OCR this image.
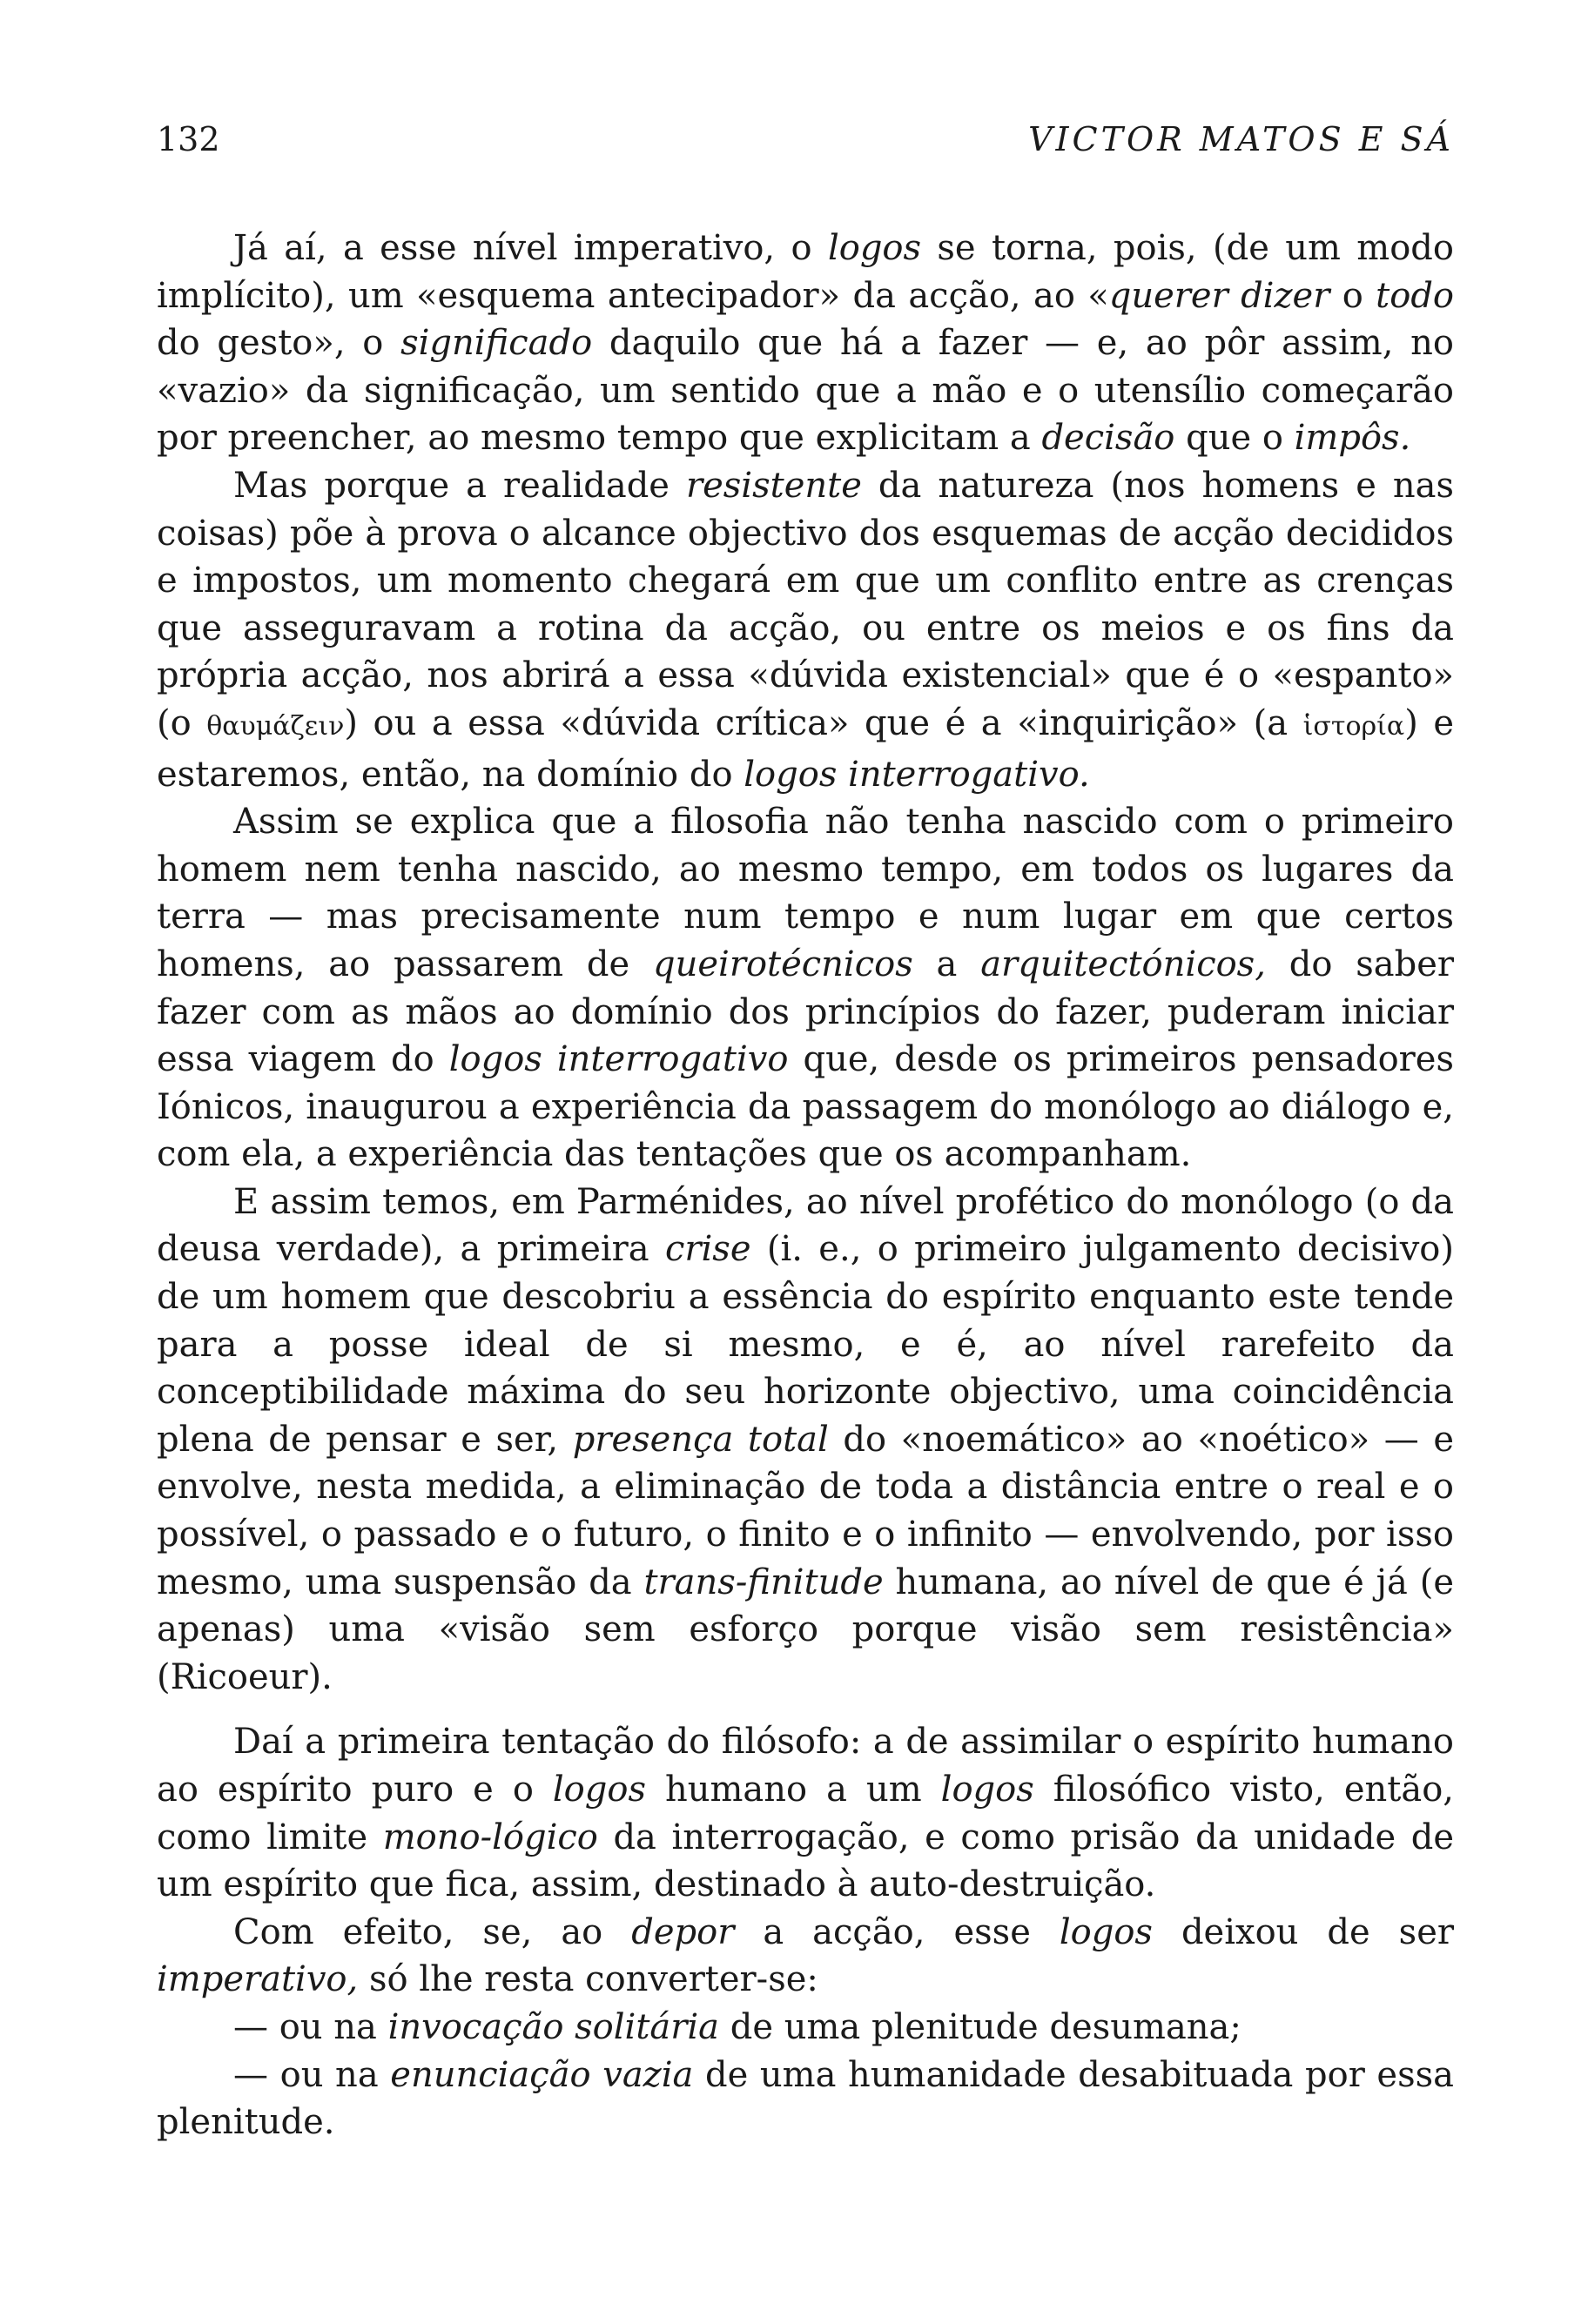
132	VICTOR MATOS E SÁ

Já aí, a esse nível imperativo, o logos se torna, pois, (de um modo implícito), um «esquema antecipador» da acção, ao «querer dizer o todo do gesto», o significado daquilo que há a fazer — e, ao pôr assim, no «vazio» da significação, um sentido que a mão e o utensílio começarão por preencher, ao mesmo tempo que explicitam a decisão que o impôs.

Mas porque a realidade resistente da natureza (nos homens e nas coisas) põe à prova o alcance objectivo dos esquemas de acção decididos e impostos, um momento chegará em que um conflito entre as crenças que asseguravam a rotina da acção, ou entre os meios e os fins da própria acção, nos abrirá a essa «dúvida existencial» que é o «espanto» (o θαυμάζειν) ou a essa «dúvida crítica» que é a «inquirição» (a ἱστορία) e estaremos, então, na domínio do logos interrogativo.

Assim se explica que a filosofia não tenha nascido com o primeiro homem nem tenha nascido, ao mesmo tempo, em todos os lugares da terra — mas precisamente num tempo e num lugar em que certos homens, ao passarem de queirotécnicos a arquitectónicos, do saber fazer com as mãos ao domínio dos princípios do fazer, puderam iniciar essa viagem do logos interrogativo que, desde os primeiros pensadores Iónicos, inaugurou a experiência da passagem do monólogo ao diálogo e, com ela, a experiência das tentações que os acompanham.

E assim temos, em Parménides, ao nível profético do monólogo (o da deusa verdade), a primeira crise (i. e., o primeiro julgamento decisivo) de um homem que descobriu a essência do espírito enquanto este tende para a posse ideal de si mesmo, e é, ao nível rarefeito da conceptibilidade máxima do seu horizonte objectivo, uma coincidência plena de pensar e ser, presença total do «noemático» ao «noético» — e envolve, nesta medida, a eliminação de toda a distância entre o real e o possível, o passado e o futuro, o finito e o infinito — envolvendo, por isso mesmo, uma suspensão da trans-finitude humana, ao nível de que é já (e apenas) uma «visão sem esforço porque visão sem resistência» (Ricoeur).

Daí a primeira tentação do filósofo: a de assimilar o espírito humano ao espírito puro e o logos humano a um logos filosófico visto, então, como limite mono-lógico da interrogação, e como prisão da unidade de um espírito que fica, assim, destinado à auto-destruição.

Com efeito, se, ao depor a acção, esse logos deixou de ser imperativo, só lhe resta converter-se:

— ou na invocação solitária de uma plenitude desumana;

— ou na enunciação vazia de uma humanidade desabituada por essa plenitude.
